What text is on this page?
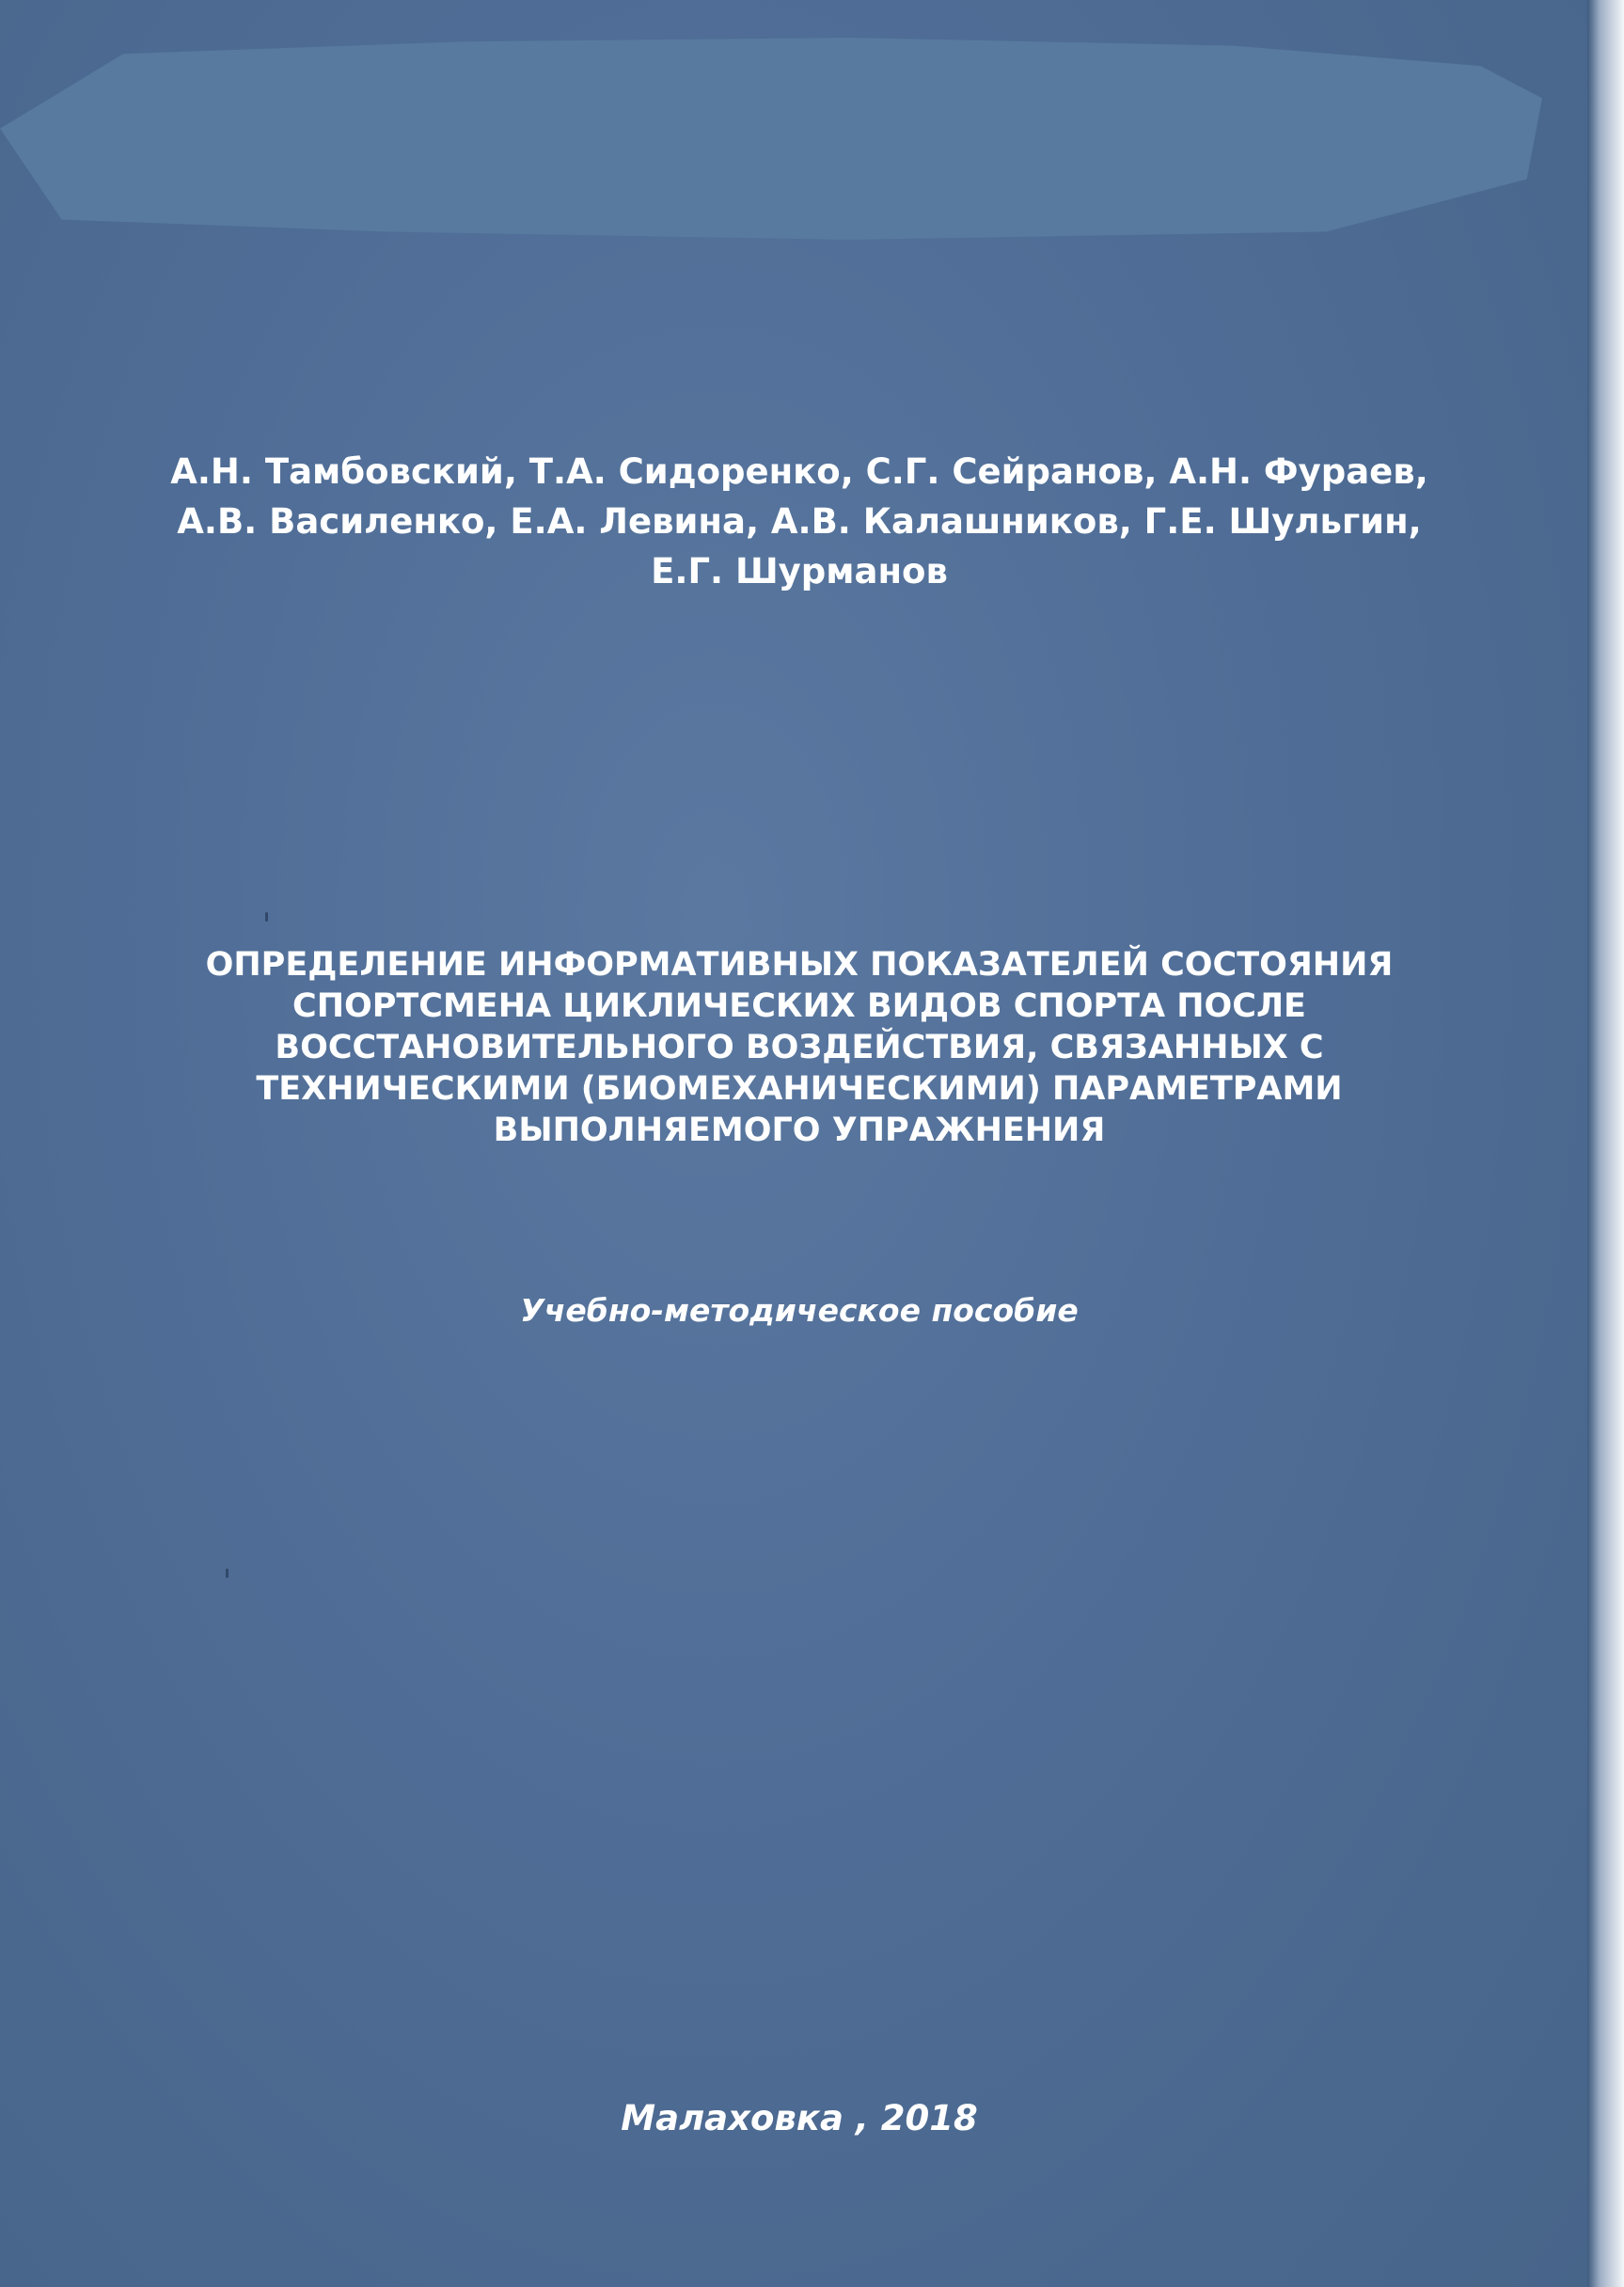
А.Н. Тамбовский, Т.А. Сидоренко, С.Г. Сейранов, А.Н. Фураев,
А.В. Василенко, Е.А. Левина, А.В. Калашников, Г.Е. Шульгин,
Е.Г. Шурманов
ОПРЕДЕЛЕНИЕ ИНФОРМАТИВНЫХ ПОКАЗАТЕЛЕЙ СОСТОЯНИЯ
СПОРТСМЕНА ЦИКЛИЧЕСКИХ ВИДОВ СПОРТА ПОСЛЕ
ВОССТАНОВИТЕЛЬНОГО ВОЗДЕЙСТВИЯ, СВЯЗАННЫХ С
ТЕХНИЧЕСКИМИ (БИОМЕХАНИЧЕСКИМИ) ПАРАМЕТРАМИ
ВЫПОЛНЯЕМОГО УПРАЖНЕНИЯ
Учебно-методическое пособие
Малаховка , 2018
